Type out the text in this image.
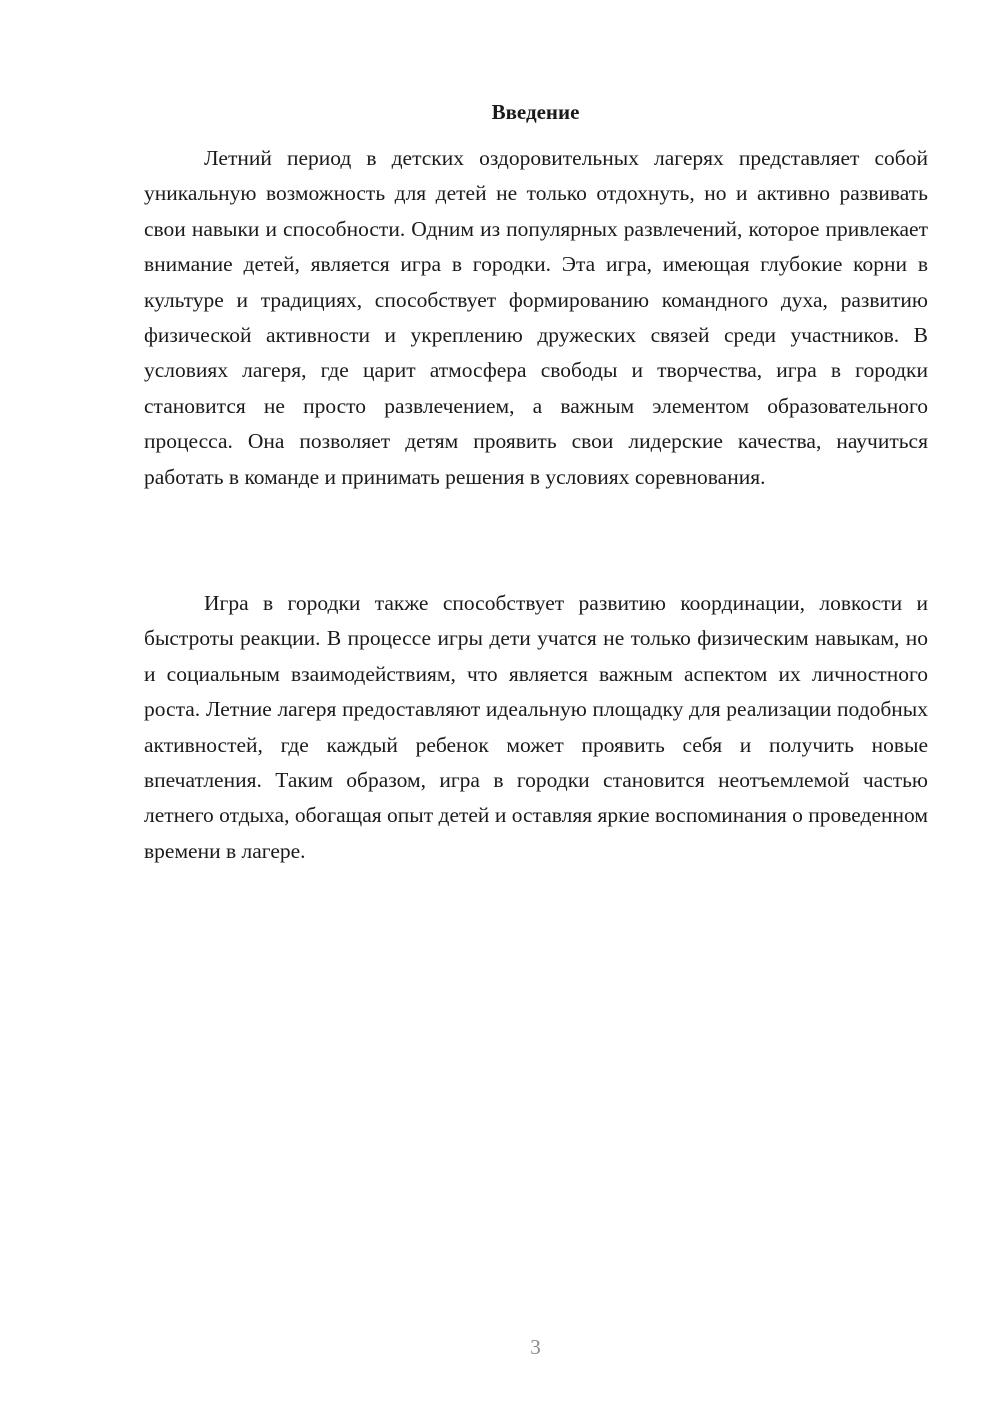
Введение

Летний период в детских оздоровительных лагерях представляет собой уникальную возможность для детей не только отдохнуть, но и активно развивать свои навыки и способности. Одним из популярных развлечений, которое привлекает внимание детей, является игра в городки. Эта игра, имеющая глубокие корни в культуре и традициях, способствует формированию командного духа, развитию физической активности и укреплению дружеских связей среди участников. В условиях лагеря, где царит атмосфера свободы и творчества, игра в городки становится не просто развлечением, а важным элементом образовательного процесса. Она позволяет детям проявить свои лидерские качества, научиться работать в команде и принимать решения в условиях соревнования.

Игра в городки также способствует развитию координации, ловкости и быстроты реакции. В процессе игры дети учатся не только физическим навыкам, но и социальным взаимодействиям, что является важным аспектом их личностного роста. Летние лагеря предоставляют идеальную площадку для реализации подобных активностей, где каждый ребенок может проявить себя и получить новые впечатления. Таким образом, игра в городки становится неотъемлемой частью летнего отдыха, обогащая опыт детей и оставляя яркие воспоминания о проведенном времени в лагере.

3
